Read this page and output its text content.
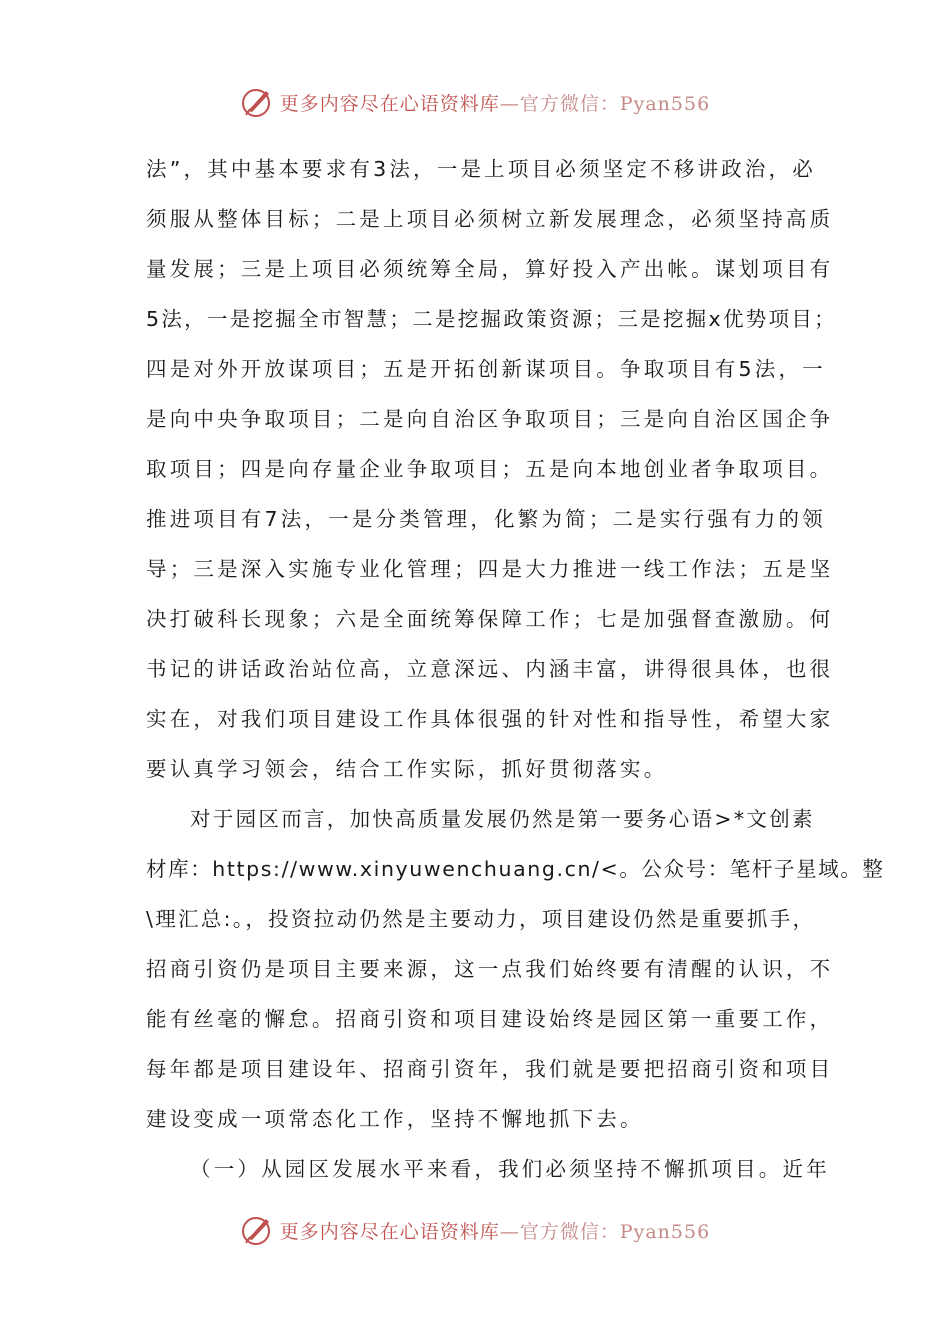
更多内容尽在心语资料库—官方微信：Pyan556
法”，其中基本要求有3法，一是上项目必须坚定不移讲政治，必
须服从整体目标；二是上项目必须树立新发展理念，必须坚持高质
量发展；三是上项目必须统筹全局，算好投入产出帐。谋划项目有
5法，一是挖掘全市智慧；二是挖掘政策资源；三是挖掘x优势项目；
四是对外开放谋项目；五是开拓创新谋项目。争取项目有5法，一
是向中央争取项目；二是向自治区争取项目；三是向自治区国企争
取项目；四是向存量企业争取项目；五是向本地创业者争取项目。
推进项目有7法，一是分类管理，化繁为简；二是实行强有力的领
导；三是深入实施专业化管理；四是大力推进一线工作法；五是坚
决打破科长现象；六是全面统筹保障工作；七是加强督查激励。何
书记的讲话政治站位高，立意深远、内涵丰富，讲得很具体，也很
实在，对我们项目建设工作具体很强的针对性和指导性，希望大家
要认真学习领会，结合工作实际，抓好贯彻落实。
对于园区而言，加快高质量发展仍然是第一要务心语>*文创素
材库：https://www.xinyuwenchuang.cn/<。公众号：笔杆子星域。整
\理汇总:。，投资拉动仍然是主要动力，项目建设仍然是重要抓手，
招商引资仍是项目主要来源，这一点我们始终要有清醒的认识，不
能有丝毫的懈怠。招商引资和项目建设始终是园区第一重要工作，
每年都是项目建设年、招商引资年，我们就是要把招商引资和项目
建设变成一项常态化工作，坚持不懈地抓下去。
（一）从园区发展水平来看，我们必须坚持不懈抓项目。近年
更多内容尽在心语资料库—官方微信：Pyan556
